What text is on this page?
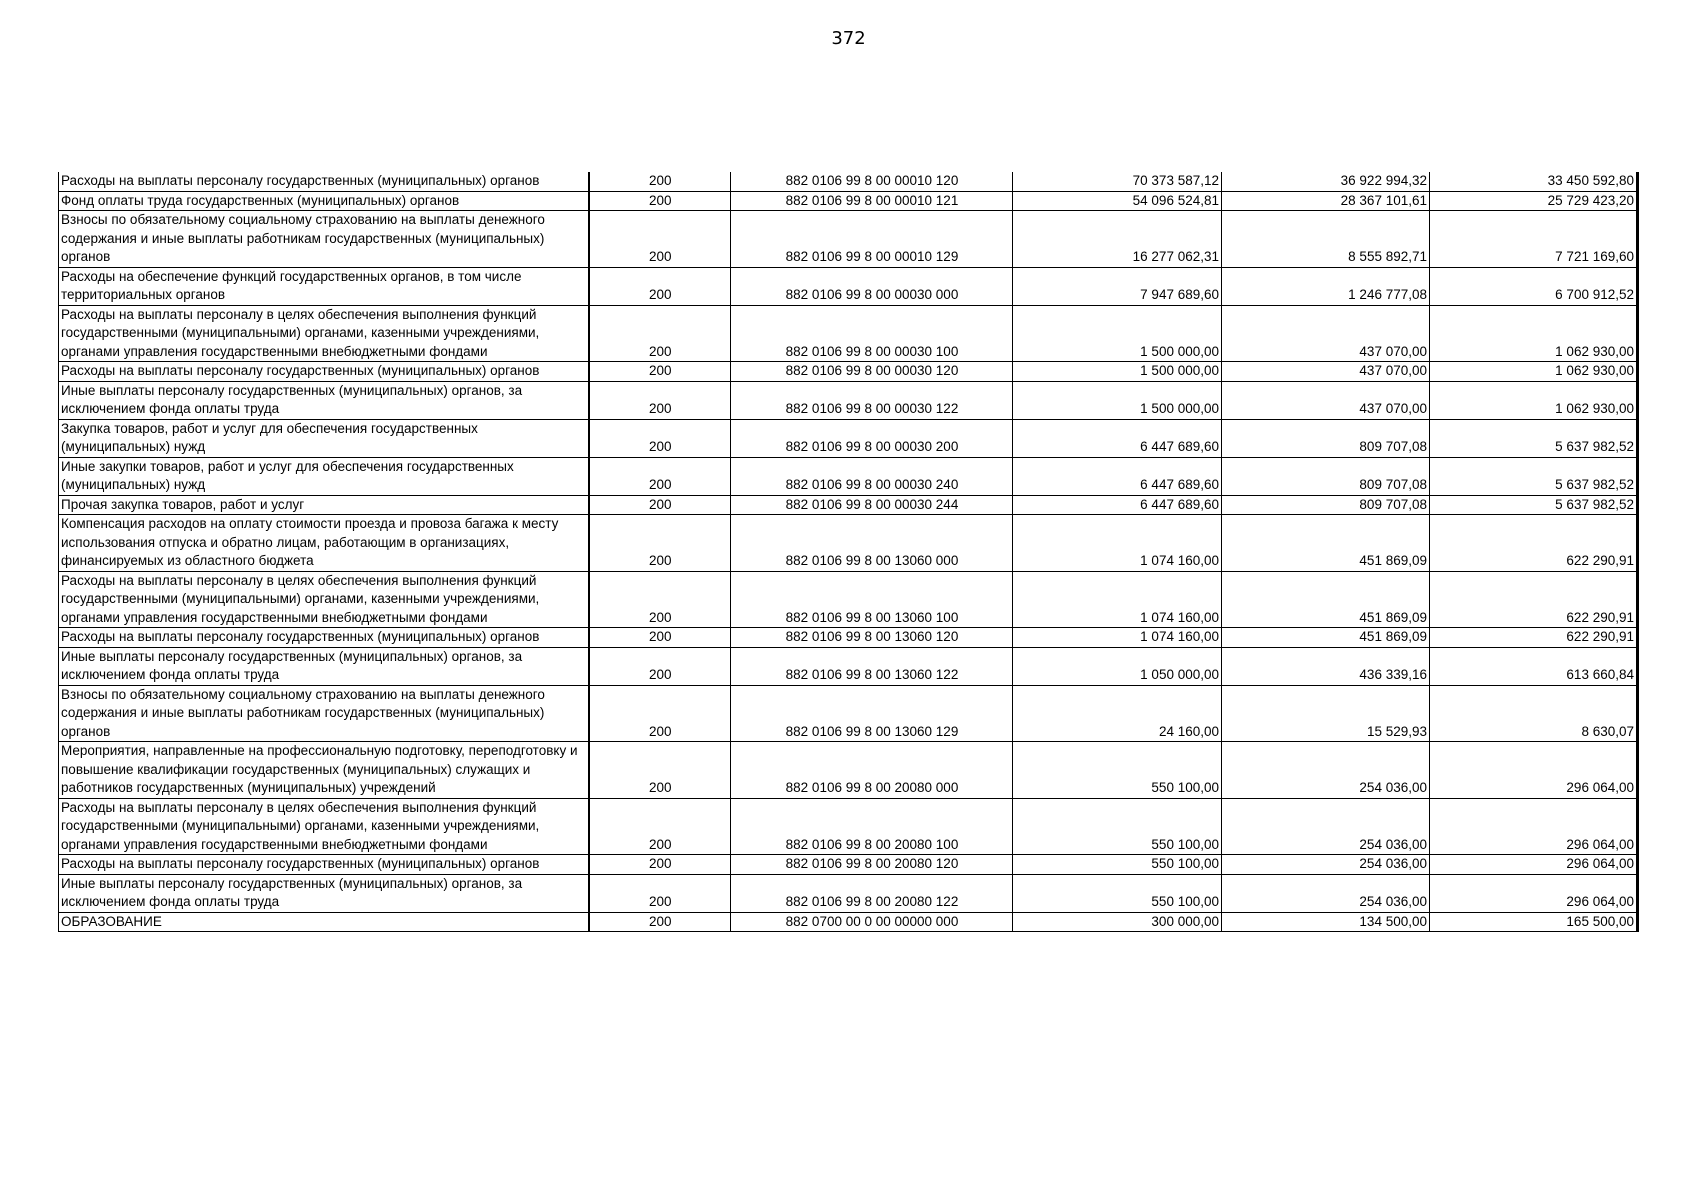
372
Расходы на выплаты персоналу государственных (муниципальных) органов	200	882 0106 99 8 00 00010 120	70 373 587,12	36 922 994,32	33 450 592,80

Фонд оплаты труда государственных (муниципальных) органов	200	882 0106 99 8 00 00010 121	54 096 524,81	28 367 101,61	25 729 423,20

Взносы по обязательному социальному страхованию на выплаты денежного содержания и иные выплаты работникам государственных (муниципальных) органов	200	882 0106 99 8 00 00010 129	16 277 062,31	8 555 892,71	7 721 169,60

Расходы на обеспечение функций государственных органов, в том числе территориальных органов	200	882 0106 99 8 00 00030 000	7 947 689,60	1 246 777,08	6 700 912,52

Расходы на выплаты персоналу в целях обеспечения выполнения функций государственными (муниципальными) органами, казенными учреждениями, органами управления государственными внебюджетными фондами	200	882 0106 99 8 00 00030 100	1 500 000,00	437 070,00	1 062 930,00

Расходы на выплаты персоналу государственных (муниципальных) органов	200	882 0106 99 8 00 00030 120	1 500 000,00	437 070,00	1 062 930,00

Иные выплаты персоналу государственных (муниципальных) органов, за исключением фонда оплаты труда	200	882 0106 99 8 00 00030 122	1 500 000,00	437 070,00	1 062 930,00

Закупка товаров, работ и услуг для обеспечения государственных (муниципальных) нужд	200	882 0106 99 8 00 00030 200	6 447 689,60	809 707,08	5 637 982,52

Иные закупки товаров, работ и услуг для обеспечения государственных (муниципальных) нужд	200	882 0106 99 8 00 00030 240	6 447 689,60	809 707,08	5 637 982,52

Прочая закупка товаров, работ и услуг	200	882 0106 99 8 00 00030 244	6 447 689,60	809 707,08	5 637 982,52

Компенсация расходов на оплату стоимости проезда и провоза багажа к месту использования отпуска и обратно лицам, работающим в организациях, финансируемых из областного бюджета	200	882 0106 99 8 00 13060 000	1 074 160,00	451 869,09	622 290,91

Расходы на выплаты персоналу в целях обеспечения выполнения функций государственными (муниципальными) органами, казенными учреждениями, органами управления государственными внебюджетными фондами	200	882 0106 99 8 00 13060 100	1 074 160,00	451 869,09	622 290,91

Расходы на выплаты персоналу государственных (муниципальных) органов	200	882 0106 99 8 00 13060 120	1 074 160,00	451 869,09	622 290,91

Иные выплаты персоналу государственных (муниципальных) органов, за исключением фонда оплаты труда	200	882 0106 99 8 00 13060 122	1 050 000,00	436 339,16	613 660,84

Взносы по обязательному социальному страхованию на выплаты денежного содержания и иные выплаты работникам государственных (муниципальных) органов	200	882 0106 99 8 00 13060 129	24 160,00	15 529,93	8 630,07

Мероприятия, направленные на профессиональную подготовку, переподготовку и повышение квалификации государственных (муниципальных) служащих и работников государственных (муниципальных) учреждений	200	882 0106 99 8 00 20080 000	550 100,00	254 036,00	296 064,00

Расходы на выплаты персоналу в целях обеспечения выполнения функций государственными (муниципальными) органами, казенными учреждениями, органами управления государственными внебюджетными фондами	200	882 0106 99 8 00 20080 100	550 100,00	254 036,00	296 064,00

Расходы на выплаты персоналу государственных (муниципальных) органов	200	882 0106 99 8 00 20080 120	550 100,00	254 036,00	296 064,00

Иные выплаты персоналу государственных (муниципальных) органов, за исключением фонда оплаты труда	200	882 0106 99 8 00 20080 122	550 100,00	254 036,00	296 064,00

ОБРАЗОВАНИЕ	200	882 0700 00 0 00 00000 000	300 000,00	134 500,00	165 500,00
